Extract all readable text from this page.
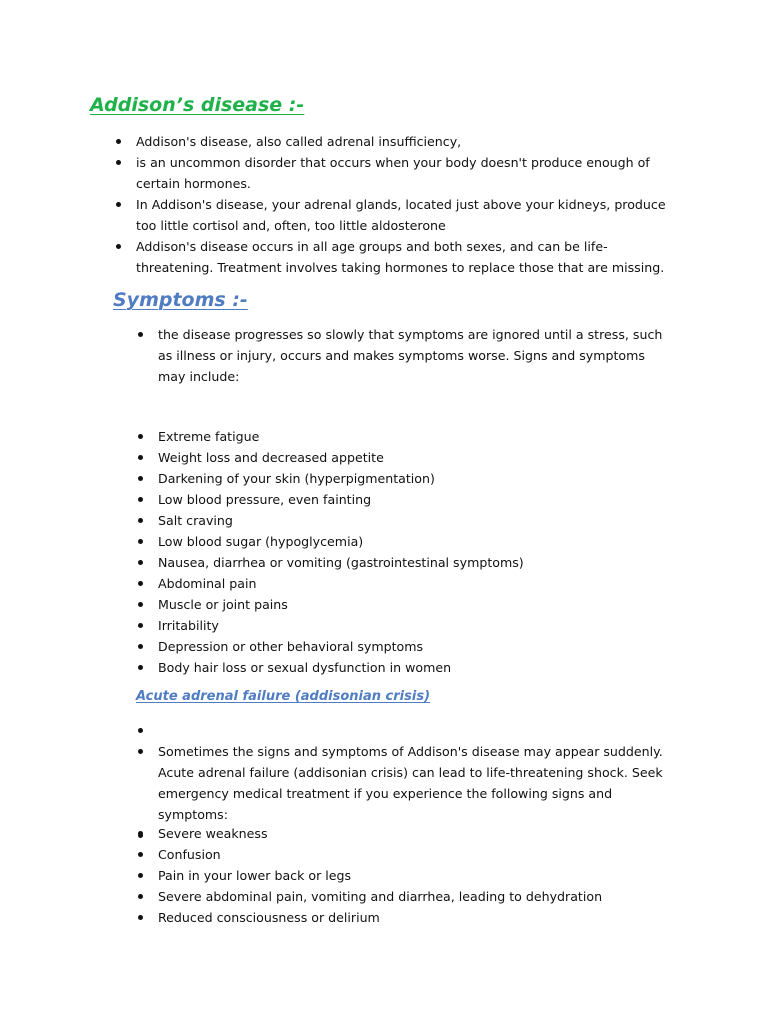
Addison’s disease :-
Addison's disease, also called adrenal insufficiency,
is an uncommon disorder that occurs when your body doesn't produce enough of certain hormones.
In Addison's disease, your adrenal glands, located just above your kidneys, produce too little cortisol and, often, too little aldosterone
Addison's disease occurs in all age groups and both sexes, and can be life-threatening. Treatment involves taking hormones to replace those that are missing.
Symptoms :-
the disease progresses so slowly that symptoms are ignored until a stress, such as illness or injury, occurs and makes symptoms worse. Signs and symptoms may include:
Extreme fatigue
Weight loss and decreased appetite
Darkening of your skin (hyperpigmentation)
Low blood pressure, even fainting
Salt craving
Low blood sugar (hypoglycemia)
Nausea, diarrhea or vomiting (gastrointestinal symptoms)
Abdominal pain
Muscle or joint pains
Irritability
Depression or other behavioral symptoms
Body hair loss or sexual dysfunction in women
Acute adrenal failure (addisonian crisis)
Sometimes the signs and symptoms of Addison's disease may appear suddenly. Acute adrenal failure (addisonian crisis) can lead to life-threatening shock. Seek emergency medical treatment if you experience the following signs and symptoms:
Severe weakness
Confusion
Pain in your lower back or legs
Severe abdominal pain, vomiting and diarrhea, leading to dehydration
Reduced consciousness or delirium
